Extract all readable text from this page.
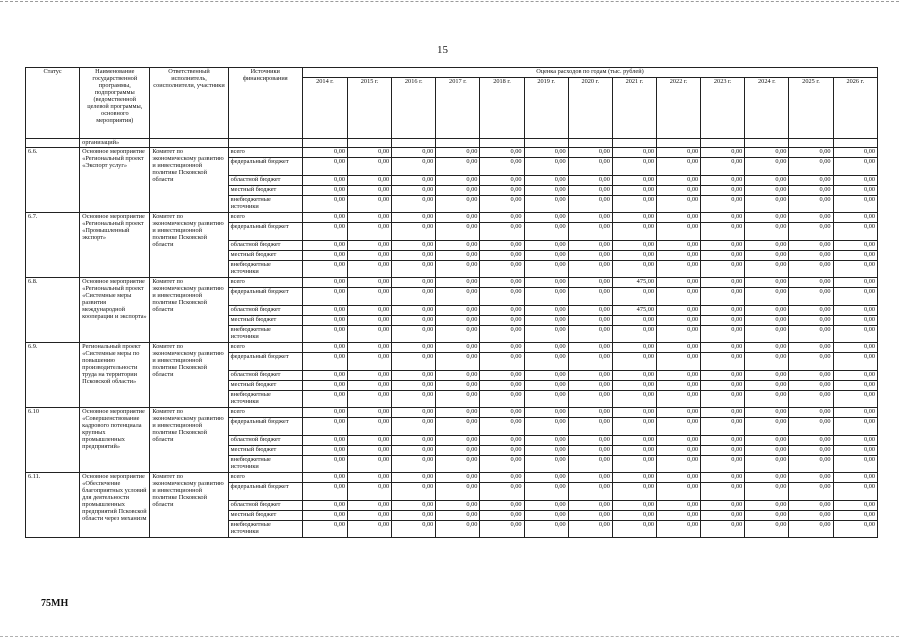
15
Статус	Наименование государственной программы, подпрограммы (ведомственной целевой программы, основного мероприятия)	Ответственный исполнитель, соисполнители, участники	Источники финансирования	Оценка расходов по годам (тыс. рублей)												
				2014 г.	2015 г.	2016 г.	2017 г.	2018 г.	2019 г.	2020 г.	2021 г.	2022 г.	2023 г.	2024 г.	2025 г.	2026 г.
	организаций»															
6.6.	Основное мероприятие «Региональный проект «Экспорт услуг»	Комитет по экономическому развитию и инвестиционной политике Псковской области	всего	0,00	0,00	0,00	0,00	0,00	0,00	0,00	0,00	0,00	0,00	0,00	0,00	0,00
			федеральный бюджет	0,00	0,00	0,00	0,00	0,00	0,00	0,00	0,00	0,00	0,00	0,00	0,00	0,00
			областной бюджет	0,00	0,00	0,00	0,00	0,00	0,00	0,00	0,00	0,00	0,00	0,00	0,00	0,00
			местный бюджет	0,00	0,00	0,00	0,00	0,00	0,00	0,00	0,00	0,00	0,00	0,00	0,00	0,00
			внебюджетные источники	0,00	0,00	0,00	0,00	0,00	0,00	0,00	0,00	0,00	0,00	0,00	0,00	0,00
6.7.	Основное мероприятие «Региональный проект «Промышленный экспорт»	Комитет по экономическому развитию и инвестиционной политике Псковской области	всего	0,00	0,00	0,00	0,00	0,00	0,00	0,00	0,00	0,00	0,00	0,00	0,00	0,00
			федеральный бюджет	0,00	0,00	0,00	0,00	0,00	0,00	0,00	0,00	0,00	0,00	0,00	0,00	0,00
			областной бюджет	0,00	0,00	0,00	0,00	0,00	0,00	0,00	0,00	0,00	0,00	0,00	0,00	0,00
			местный бюджет	0,00	0,00	0,00	0,00	0,00	0,00	0,00	0,00	0,00	0,00	0,00	0,00	0,00
			внебюджетные источники	0,00	0,00	0,00	0,00	0,00	0,00	0,00	0,00	0,00	0,00	0,00	0,00	0,00
6.8.	Основное мероприятие «Региональный проект «Системные меры развития международной кооперации и экспорта»	Комитет по экономическому развитию и инвестиционной политике Псковской области	всего	0,00	0,00	0,00	0,00	0,00	0,00	0,00	475,00	0,00	0,00	0,00	0,00	0,00
			федеральный бюджет	0,00	0,00	0,00	0,00	0,00	0,00	0,00	0,00	0,00	0,00	0,00	0,00	0,00
			областной бюджет	0,00	0,00	0,00	0,00	0,00	0,00	0,00	475,00	0,00	0,00	0,00	0,00	0,00
			местный бюджет	0,00	0,00	0,00	0,00	0,00	0,00	0,00	0,00	0,00	0,00	0,00	0,00	0,00
			внебюджетные источники	0,00	0,00	0,00	0,00	0,00	0,00	0,00	0,00	0,00	0,00	0,00	0,00	0,00
6.9.	Региональный проект «Системные меры по повышению производительности труда на территории Псковской области»	Комитет по экономическому развитию и инвестиционной политике Псковской области	всего	0,00	0,00	0,00	0,00	0,00	0,00	0,00	0,00	0,00	0,00	0,00	0,00	0,00
			федеральный бюджет	0,00	0,00	0,00	0,00	0,00	0,00	0,00	0,00	0,00	0,00	0,00	0,00	0,00
			областной бюджет	0,00	0,00	0,00	0,00	0,00	0,00	0,00	0,00	0,00	0,00	0,00	0,00	0,00
			местный бюджет	0,00	0,00	0,00	0,00	0,00	0,00	0,00	0,00	0,00	0,00	0,00	0,00	0,00
			внебюджетные источники	0,00	0,00	0,00	0,00	0,00	0,00	0,00	0,00	0,00	0,00	0,00	0,00	0,00
6.10	Основное мероприятие «Совершенствование кадрового потенциала крупных промышленных предприятий»	Комитет по экономическому развитию и инвестиционной политике Псковской области	всего	0,00	0,00	0,00	0,00	0,00	0,00	0,00	0,00	0,00	0,00	0,00	0,00	0,00
			федеральный бюджет	0,00	0,00	0,00	0,00	0,00	0,00	0,00	0,00	0,00	0,00	0,00	0,00	0,00
			областной бюджет	0,00	0,00	0,00	0,00	0,00	0,00	0,00	0,00	0,00	0,00	0,00	0,00	0,00
			местный бюджет	0,00	0,00	0,00	0,00	0,00	0,00	0,00	0,00	0,00	0,00	0,00	0,00	0,00
			внебюджетные источники	0,00	0,00	0,00	0,00	0,00	0,00	0,00	0,00	0,00	0,00	0,00	0,00	0,00
6.11.	Основное мероприятие «Обеспечение благоприятных условий для деятельности промышленных предприятий Псковской области через механизм	Комитет по экономическому развитию и инвестиционной политике Псковской области	всего	0,00	0,00	0,00	0,00	0,00	0,00	0,00	0,00	0,00	0,00	0,00	0,00	0,00
			федеральный бюджет	0,00	0,00	0,00	0,00	0,00	0,00	0,00	0,00	0,00	0,00	0,00	0,00	0,00
			областной бюджет	0,00	0,00	0,00	0,00	0,00	0,00	0,00	0,00	0,00	0,00	0,00	0,00	0,00
			местный бюджет	0,00	0,00	0,00	0,00	0,00	0,00	0,00	0,00	0,00	0,00	0,00	0,00	0,00
			внебюджетные источники	0,00	0,00	0,00	0,00	0,00	0,00	0,00	0,00	0,00	0,00	0,00	0,00	0,00
75МН
